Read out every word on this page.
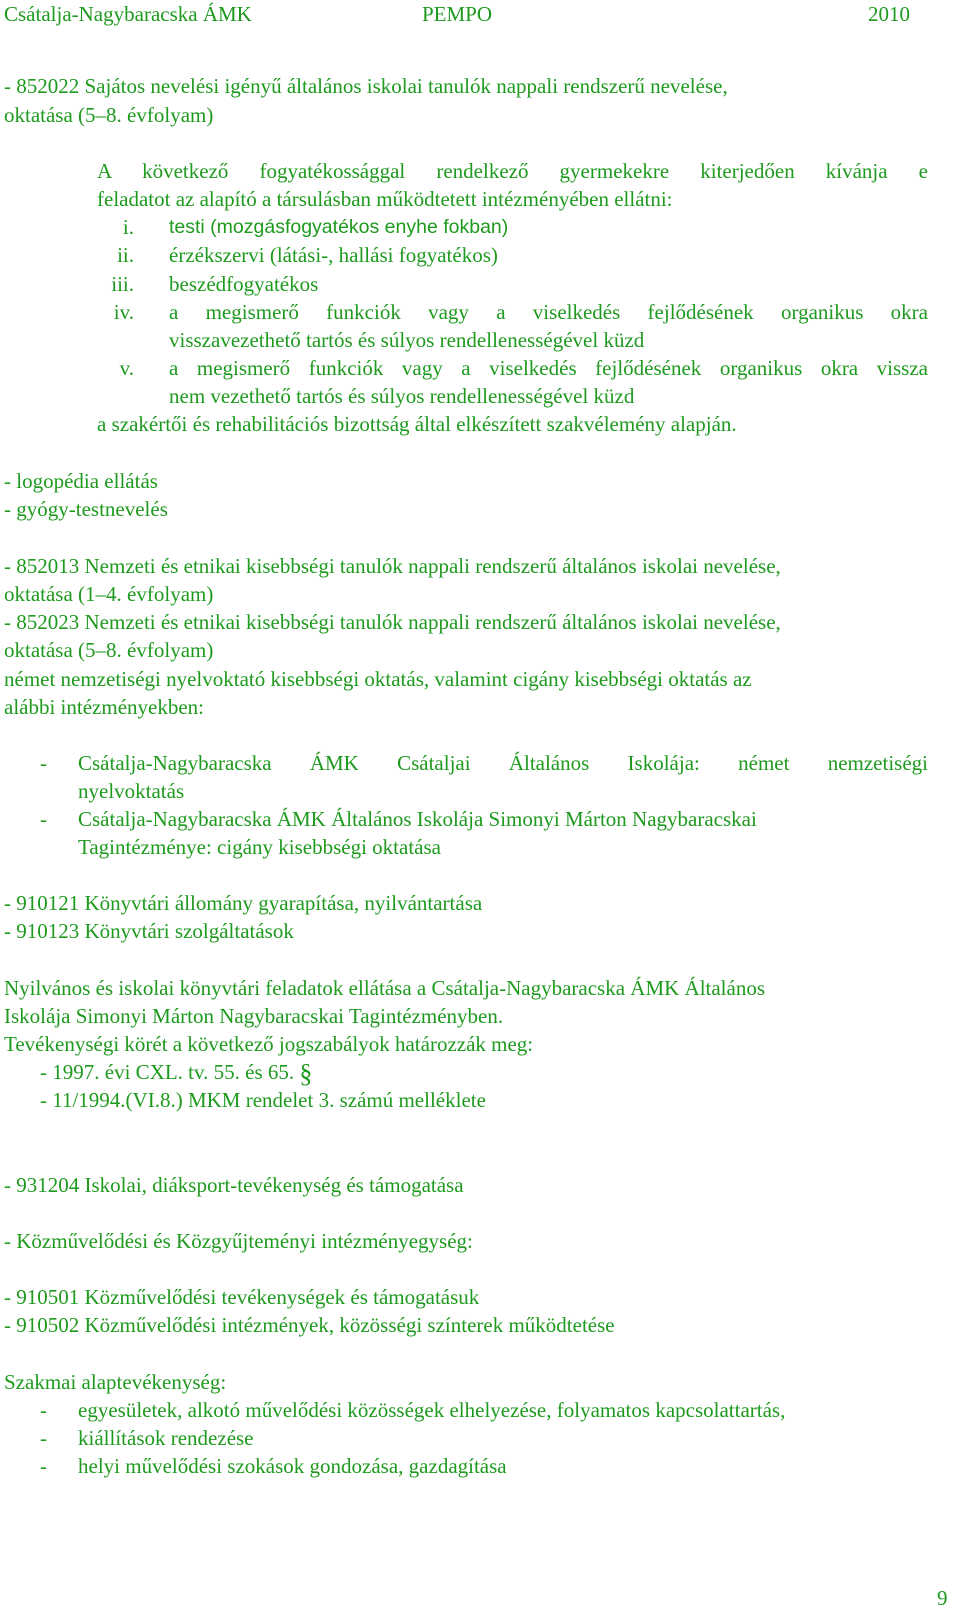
Csátalja-Nagybaracska ÁMK	PEMPO	2010
- 852022 Sajátos nevelési igényű általános iskolai tanulók nappali rendszerű nevelése,
oktatása (5–8. évfolyam)
A következő fogyatékossággal rendelkező gyermekekre kiterjedően kívánja e
feladatot az alapító a társulásban működtetett intézményében ellátni:
i. testi (mozgásfogyatékos enyhe fokban)
ii. érzékszervi (látási-, hallási fogyatékos)
iii. beszédfogyatékos
iv. a megismerő funkciók vagy a viselkedés fejlődésének organikus okra
visszavezethető tartós és súlyos rendellenességével küzd
v. a megismerő funkciók vagy a viselkedés fejlődésének organikus okra vissza
nem vezethető tartós és súlyos rendellenességével küzd
a szakértői és rehabilitációs bizottság által elkészített szakvélemény alapján.
- logopédia ellátás
- gyógy-testnevelés
- 852013 Nemzeti és etnikai kisebbségi tanulók nappali rendszerű általános iskolai nevelése,
oktatása (1–4. évfolyam)
- 852023 Nemzeti és etnikai kisebbségi tanulók nappali rendszerű általános iskolai nevelése,
oktatása (5–8. évfolyam)
német nemzetiségi nyelvoktató kisebbségi oktatás, valamint cigány kisebbségi oktatás az
alábbi intézményekben:
- Csátalja-Nagybaracska ÁMK Csátaljai Általános Iskolája: német nemzetiségi
nyelvoktatás
- Csátalja-Nagybaracska ÁMK Általános Iskolája Simonyi Márton Nagybaracskai
Tagintézménye: cigány kisebbségi oktatása
- 910121 Könyvtári állomány gyarapítása, nyilvántartása
- 910123 Könyvtári szolgáltatások
Nyilvános és iskolai könyvtári feladatok ellátása a Csátalja-Nagybaracska ÁMK Általános
Iskolája Simonyi Márton Nagybaracskai Tagintézményben.
Tevékenységi körét a következő jogszabályok határozzák meg:
- 1997. évi CXL. tv. 55. és 65. §
- 11/1994.(VI.8.) MKM rendelet 3. számú melléklete
- 931204 Iskolai, diáksport-tevékenység és támogatása
- Közművelődési és Közgyűjteményi intézményegység:
- 910501 Közművelődési tevékenységek és támogatásuk
- 910502 Közművelődési intézmények, közösségi színterek működtetése
Szakmai alaptevékenység:
- egyesületek, alkotó művelődési közösségek elhelyezése, folyamatos kapcsolattartás,
- kiállítások rendezése
- helyi művelődési szokások gondozása, gazdagítása
9
